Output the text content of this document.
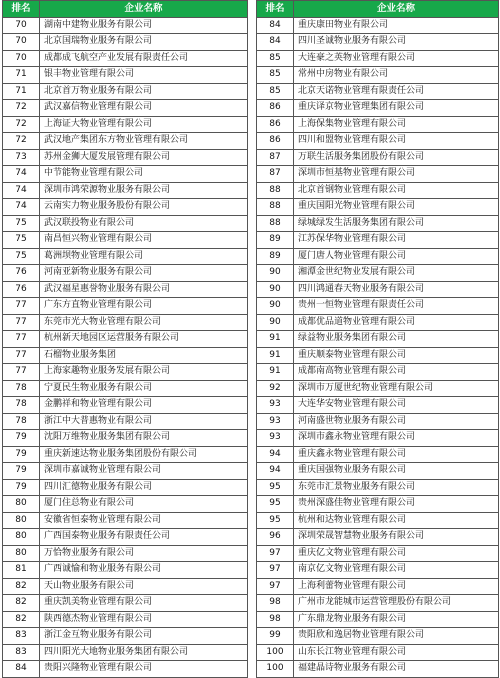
排名	企业名称
70	湖南中建物业服务有限公司
70	北京国瑞物业服务有限公司
70	成都成飞航空产业发展有限责任公司
71	银丰物业管理有限公司
71	北京首万物业服务有限公司
72	武汉嘉信物业管理有限公司
72	上海证大物业管理有限公司
72	武汉地产集团东方物业管理有限公司
73	苏州金狮大厦发展管理有限公司
74	中节能物业管理有限公司
74	深圳市鸿荣源物业服务有限公司
74	云南实力物业服务股份有限公司
75	武汉联投物业有限公司
75	南昌恒兴物业管理有限公司
75	葛洲坝物业管理有限公司
76	河南亚新物业服务有限公司
76	武汉福星惠誉物业服务有限公司
77	广东方直物业管理有限公司
77	东莞市光大物业管理有限公司
77	杭州新天地园区运营服务有限公司
77	石榴物业服务集团
77	上海家趣物业服务发展有限公司
78	宁夏民生物业服务有限公司
78	金鹏祥和物业管理有限公司
78	浙江中大普惠物业有限公司
79	沈阳万维物业服务集团有限公司
79	重庆新速达物业服务集团股份有限公司
79	深圳市嘉诚物业管理有限公司
79	四川汇德物业服务有限公司
80	厦门住总物业有限公司
80	安徽省恒泰物业管理有限公司
80	广西国泰物业服务有限责任公司
80	万恰物业服务有限公司
81	广西诚愉和物业服务有限公司
82	天山物业服务有限公司
82	重庆凯美物业管理有限公司
82	陕西德杰物业管理有限公司
83	浙江金互物业服务有限公司
83	四川阳光大地物业服务集团有限公司
84	贵阳兴隆物业管理有限公司
排名	企业名称
84	重庆康田物业有限公司
84	四川圣诚物业服务有限公司
85	大连豪之英物业管理有限公司
85	常州中房物业有限公司
85	北京天诺物业管理有限责任公司
86	重庆译京物业管理集团有限公司
86	上海保集物业管理有限公司
86	四川和盟物业管理有限公司
87	万联生活服务集团股份有限公司
87	深圳市恒基物业管理有限公司
88	北京首钢物业管理有限公司
88	重庆国阳光物业管理有限公司
88	绿城绿发生活服务集团有限公司
89	江苏保华物业管理有限公司
89	厦门唐人物业管理有限公司
90	湘潭金世纪物业发展有限公司
90	四川鸿通春天物业服务有限公司
90	贵州一恒物业管理有限责任公司
90	成都优品道物业管理有限公司
91	绿益物业服务集团有限公司
91	重庆顺泰物业管理有限公司
91	成都南高物业管理有限公司
92	深圳市万厦世纪物业管理有限公司
93	大连华安物业管理有限公司
93	河南盛世物业服务有限公司
93	深圳市鑫永物业管理有限公司
94	重庆鑫永物业管理有限公司
94	重庆国强物业服务有限公司
95	东莞市汇景物业服务有限公司
95	贵州深盛佳物业管理有限公司
95	杭州和达物业管理有限公司
96	深圳荣晟智慧物业服务有限公司
97	重庆亿文物业管理有限公司
97	南京亿文物业管理有限公司
97	上海利蕾物业管理有限公司
98	广州市龙能城市运营管理股份有限公司
98	广东鼎龙物业服务有限公司
99	贵阳欣和逸居物业管理有限公司
100	山东长江物业管理有限公司
100	福建晶诗物业服务有限公司
